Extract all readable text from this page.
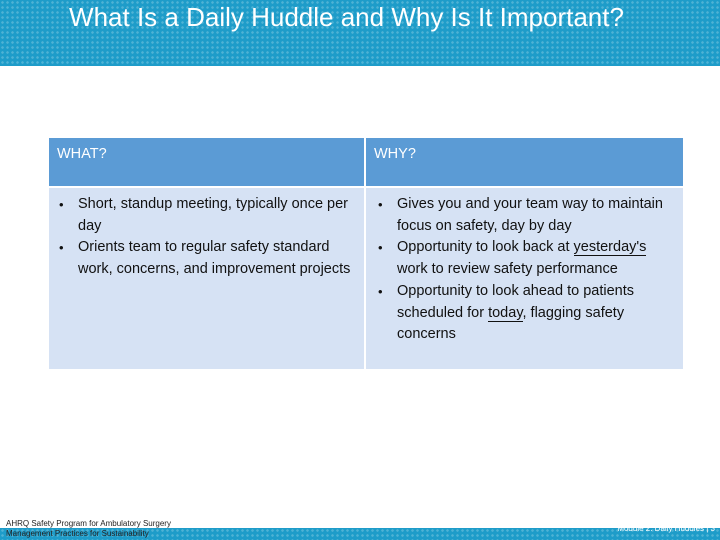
What Is a Daily Huddle and Why Is It Important?
WHAT?	WHY?
• Short, standup meeting, typically once per day
• Orients team to regular safety standard work, concerns, and improvement projects
• Gives you and your team way to maintain focus on safety, day by day
• Opportunity to look back at yesterday's work to review safety performance
• Opportunity to look ahead to patients scheduled for today, flagging safety concerns
AHRQ Safety Program for Ambulatory Surgery
Management Practices for Sustainability
Module 2: Daily Huddles | 3
